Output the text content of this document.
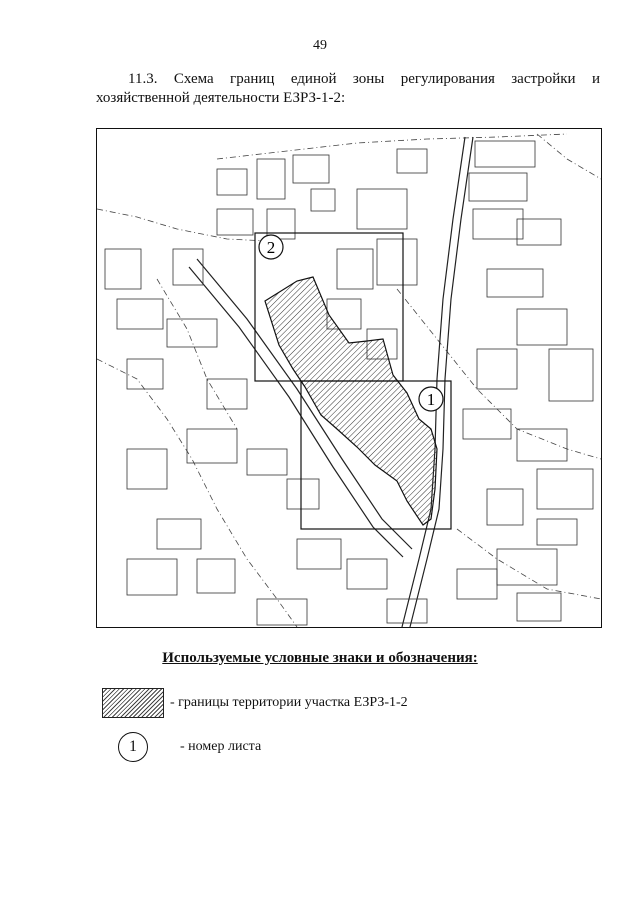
49
11.3. Схема границ единой зоны регулирования застройки и
хозяйственной деятельности ЕЗРЗ-1-2:
2
1
Используемые условные знаки и обозначения:
- границы территории участка ЕЗРЗ-1-2
1	- номер листа
